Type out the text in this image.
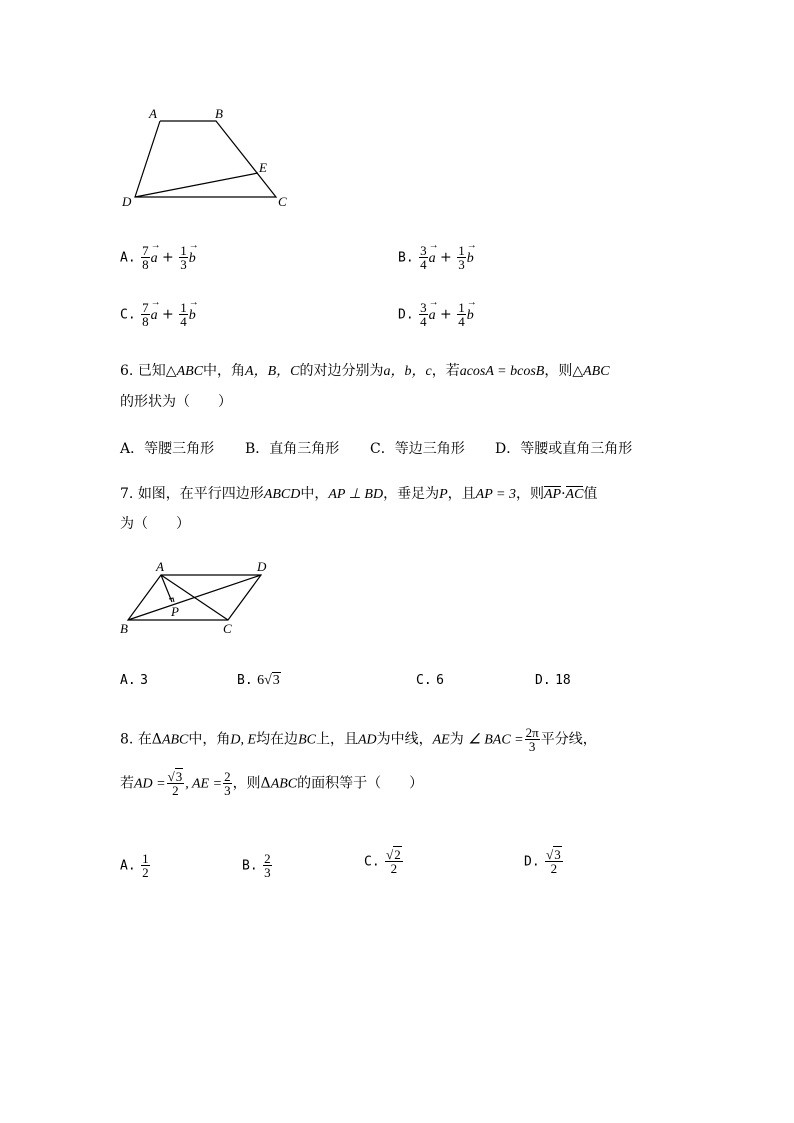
A	B
E
D	C
A. $\frac{7}{8}$
→ $a + \frac{1}{3}$
→ b	B. $\frac{3}{4}$
→ $a + \frac{1}{3}$
→ b
C. $\frac{7}{8}$
→ $a + \frac{1}{4}$
→ b	D. $\frac{3}{4}$
→ $a + \frac{1}{4}$
→ b
6. 已知△ABC中，角A，B，C的对边分别为a，b，c，若acosA = bcosB，则△ABC
的形状为（　　）
A．等腰三角形 B．直角三角形 C．等边三角形 D．等腰或直角三角形
7. 如图，在平行四边形ABCD中，AP ⊥ BD，垂足为P，且AP = 3，则AP·AC值
为（　　）
A	D
P
B	C
A. 3	B. 6√3	C. 6	D. 18
8. 在ΔABC中，角D, E均在边BC上，且AD为中线，AE为 ∠ BAC = $\frac{2\pi}{3}$ 平分线，
若AD = $\frac{√3}{2}$ , AE = $\frac{2}{3}$ ，则ΔABC的面积等于（　　）
A. $\frac{1}{2}$	B. $\frac{2}{3}$	C. $\frac{√2}{2}$	D. $\frac{√3}{2}$
